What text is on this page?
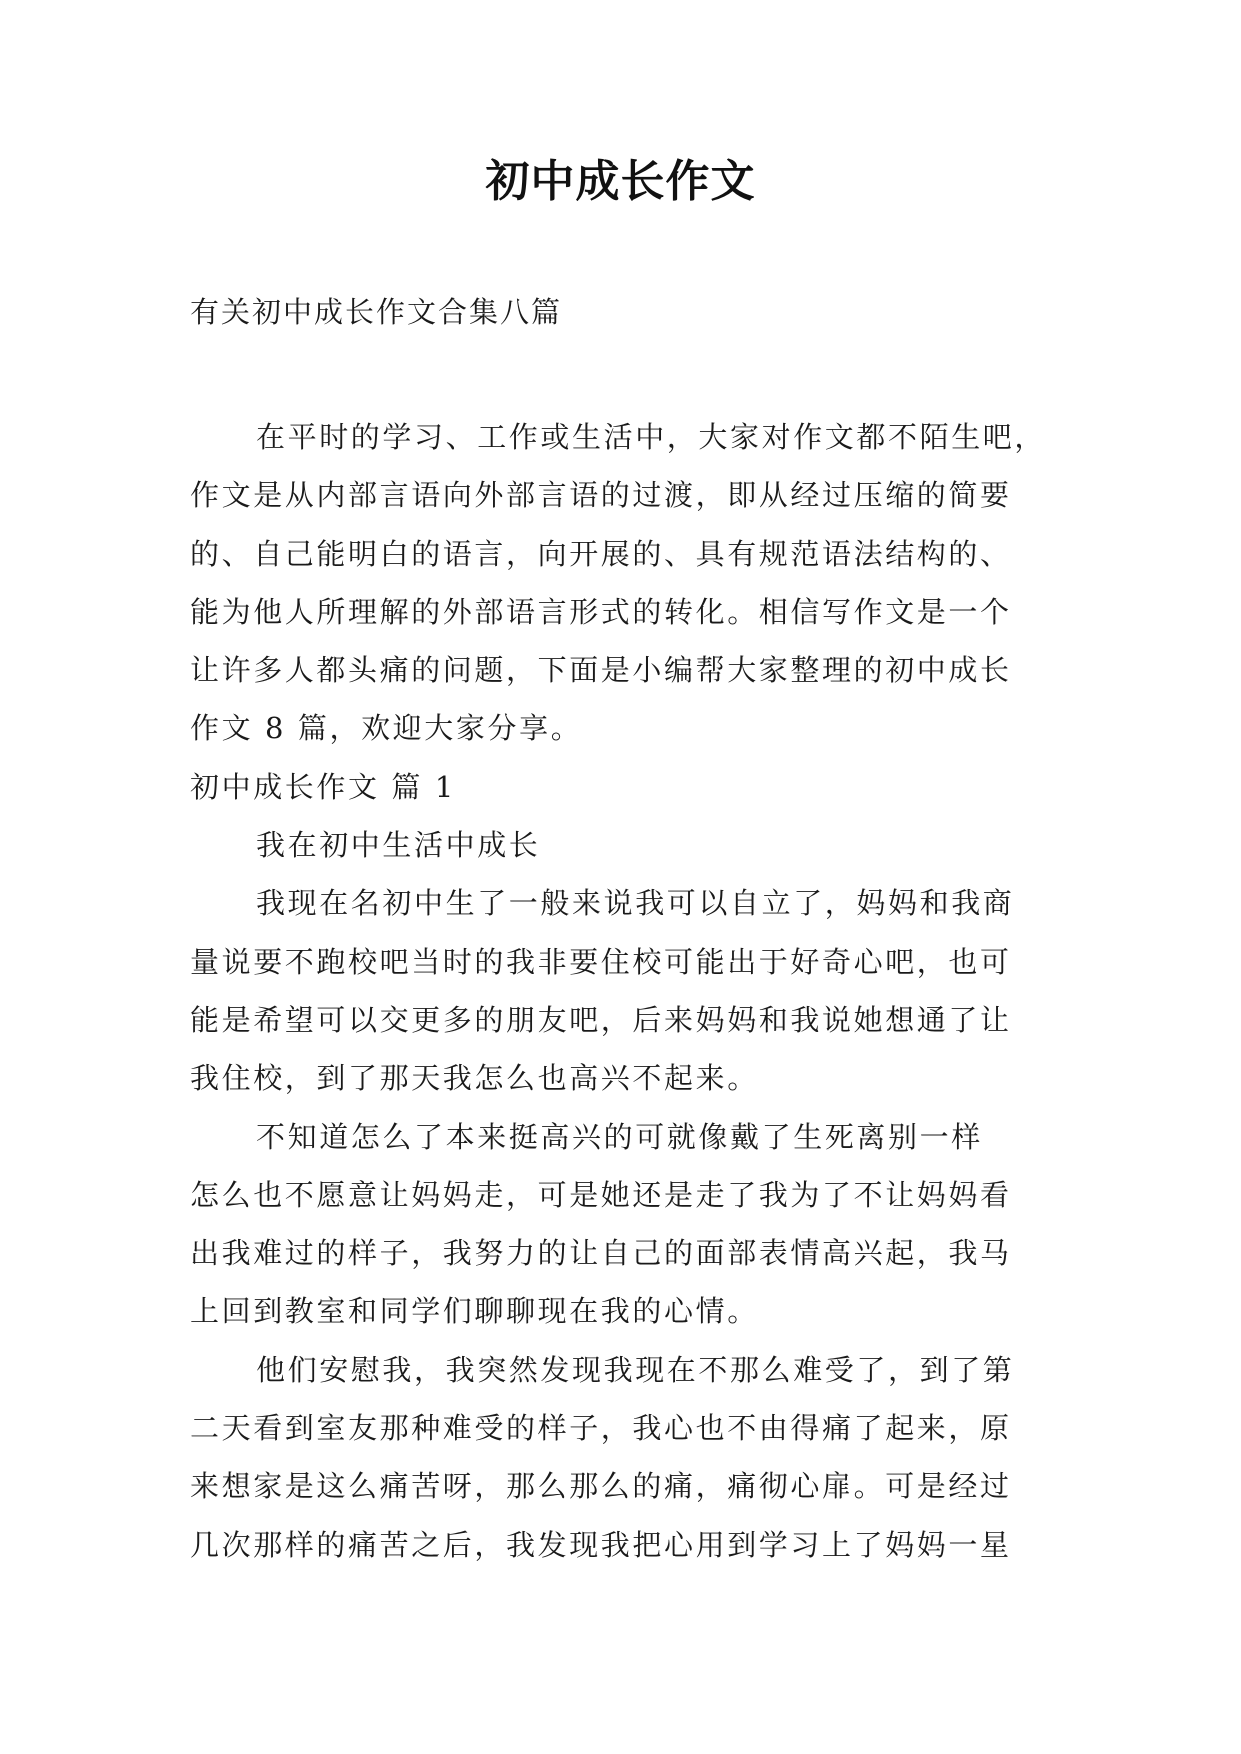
初中成长作文
有关初中成长作文合集八篇
在平时的学习、工作或生活中，大家对作文都不陌生吧，
作文是从内部言语向外部言语的过渡，即从经过压缩的简要
的、自己能明白的语言，向开展的、具有规范语法结构的、
能为他人所理解的外部语言形式的转化。相信写作文是一个
让许多人都头痛的问题，下面是小编帮大家整理的初中成长
作文 8 篇，欢迎大家分享。
初中成长作文 篇 1
我在初中生活中成长
我现在名初中生了一般来说我可以自立了，妈妈和我商
量说要不跑校吧当时的我非要住校可能出于好奇心吧，也可
能是希望可以交更多的朋友吧，后来妈妈和我说她想通了让
我住校，到了那天我怎么也高兴不起来。
不知道怎么了本来挺高兴的可就像戴了生死离别一样
怎么也不愿意让妈妈走，可是她还是走了我为了不让妈妈看
出我难过的样子，我努力的让自己的面部表情高兴起，我马
上回到教室和同学们聊聊现在我的心情。
他们安慰我，我突然发现我现在不那么难受了，到了第
二天看到室友那种难受的样子，我心也不由得痛了起来，原
来想家是这么痛苦呀，那么那么的痛，痛彻心扉。可是经过
几次那样的痛苦之后，我发现我把心用到学习上了妈妈一星
